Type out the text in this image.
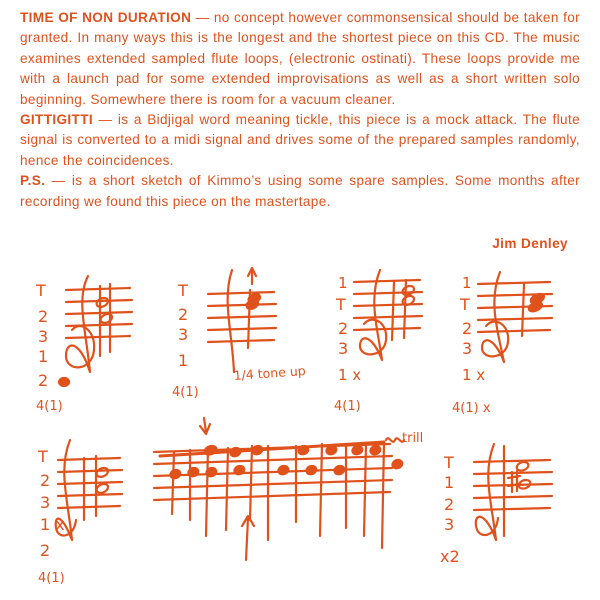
TIME OF NON DURATION — no concept however commonsensical should be taken for granted. In many ways this is the longest and the shortest piece on this CD. The music examines extended sampled flute loops, (electronic ostinati). These loops provide me with a launch pad for some extended improvisations as well as a short written solo beginning. Somewhere there is room for a vacuum cleaner.
GITTIGITTI — is a Bidjigal word meaning tickle, this piece is a mock attack. The flute signal is converted to a midi signal and drives some of the prepared samples randomly, hence the coincidences.
P.S. — is a short sketch of Kimmo’s using some spare samples. Some months after recording we found this piece on the mastertape.

Jim Denley
T
2
3
1
2
4(1)
T
2
3
1
4(1)
1/4 tone up
1
T
2
3
1 x
4(1)
1
T
2
3
1 x
4(1) x
T
2
3
1 x
2
4(1)
trill
T
1
2
3
x2
